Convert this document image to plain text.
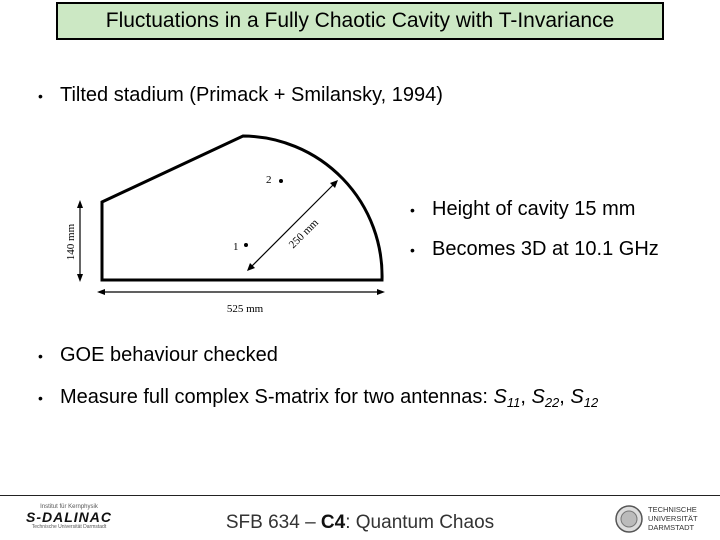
Fluctuations in a Fully Chaotic Cavity with T-Invariance
• Tilted stadium (Primack + Smilansky, 1994)
140 mm
525 mm
250 mm
1
2
• Height of cavity 15 mm
• Becomes 3D at 10.1 GHz
• GOE behaviour checked
• Measure full complex S-matrix for two antennas: $S_{11}$, $S_{22}$, $S_{12}$
Institut für Kernphysik
S-DALINAC
Technische Universität Darmstadt	SFB 634 – C4: Quantum Chaos
TECHNISCHE
UNIVERSITÄT
DARMSTADT
